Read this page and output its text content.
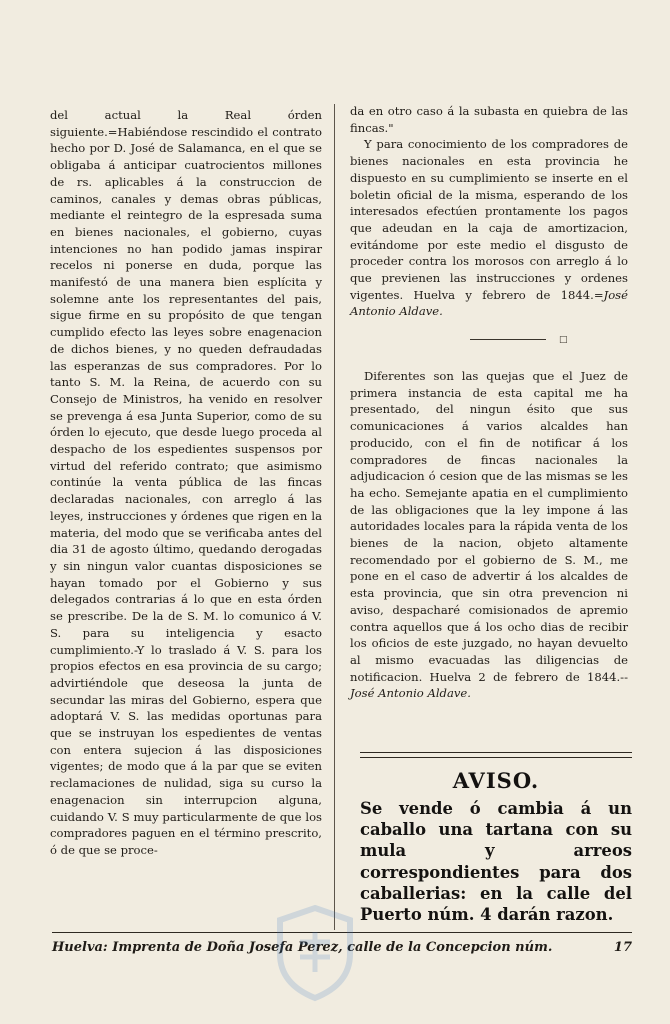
del actual la Real órden siguiente.=Habiéndose rescindido el contrato hecho por D. José de Salamanca, en el que se obligaba á anticipar cuatrocientos millones de rs. aplicables á la construccion de caminos, canales y demas obras públicas, mediante el reintegro de la espresada suma en bienes nacionales, el gobierno, cuyas intenciones no han podido jamas inspirar recelos ni ponerse en duda, porque las manifestó de una manera bien esplícita y solemne ante los representantes del pais, sigue firme en su propósito de que tengan cumplido efecto las leyes sobre enagenacion de dichos bienes, y no queden defraudadas las esperanzas de sus compradores. Por lo tanto S. M. la Reina, de acuerdo con su Consejo de Ministros, ha venido en resolver se prevenga á esa Junta Superior, como de su órden lo ejecuto, que desde luego proceda al despacho de los espedientes suspensos por virtud del referido contrato; que asimismo continúe la venta pública de las fincas declaradas nacionales, con arreglo á las leyes, instrucciones y órdenes que rigen en la materia, del modo que se verificaba antes del dia 31 de agosto último, quedando derogadas y sin ningun valor cuantas disposiciones se hayan tomado por el Gobierno y sus delegados contrarias á lo que en esta órden se prescribe. De la de S. M. lo comunico á V. S. para su inteligencia y esacto cumplimiento.-Y lo traslado á V. S. para los propios efectos en esa provincia de su cargo; advirtiéndole que deseosa la junta de secundar las miras del Gobierno, espera que adoptará V. S. las medidas oportunas para que se instruyan los espedientes de ventas con entera sujecion á las disposiciones vigentes; de modo que á la par que se eviten reclamaciones de nulidad, siga su curso la enagenacion sin interrupcion alguna, cuidando V. S muy particularmente de que los compradores paguen en el término prescrito, ó de que se proce-

da en otro caso á la subasta en quiebra de las fincas."

Y para conocimiento de los compradores de bienes nacionales en esta provincia he dispuesto en su cumplimiento se inserte en el boletin oficial de la misma, esperando de los interesados efectúen prontamente los pagos que adeudan en la caja de amortizacion, evitándome por este medio el disgusto de proceder contra los morosos con arreglo á lo que previenen las instrucciones y ordenes vigentes. Huelva y febrero de 1844.=José Antonio Aldave.

□

Diferentes son las quejas que el Juez de primera instancia de esta capital me ha presentado, del ningun ésito que sus comunicaciones á varios alcaldes han producido, con el fin de notificar á los compradores de fincas nacionales la adjudicacion ó cesion que de las mismas se les ha echo. Semejante apatia en el cumplimiento de las obligaciones que la ley impone á las autoridades locales para la rápida venta de los bienes de la nacion, objeto altamente recomendado por el gobierno de S. M., me pone en el caso de advertir á los alcaldes de esta provincia, que sin otra prevencion ni aviso, despacharé comisionados de apremio contra aquellos que á los ocho dias de recibir los oficios de este juzgado, no hayan devuelto al mismo evacuadas las diligencias de notificacion. Huelva 2 de febrero de 1844.--José Antonio Aldave.

AVISO.
Se vende ó cambia á un caballo una tartana con su mula y arreos correspondientes para dos caballerias: en la calle del Puerto núm. 4 darán razon.
Huelva: Imprenta de Doña Josefa Perez, calle de la Concepcion núm.	17
